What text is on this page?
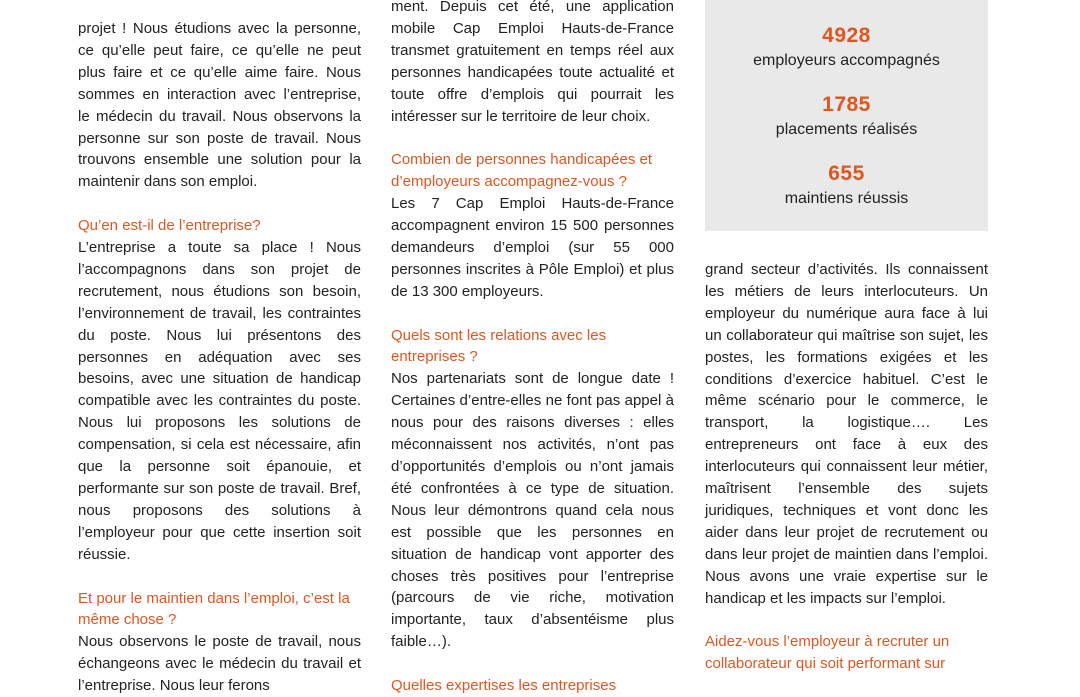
projet ! Nous étudions avec la personne, ce qu’elle peut faire, ce qu’elle ne peut plus faire et ce qu’elle aime faire. Nous sommes en interaction avec l’entreprise, le médecin du travail. Nous observons la personne sur son poste de travail. Nous trouvons ensemble une solution pour la maintenir dans son emploi.

Qu’en est-il de l’entreprise?

L’entreprise a toute sa place ! Nous l’accompagnons dans son projet de recrutement, nous étudions son besoin, l’environnement de travail, les contraintes du poste. Nous lui présentons des personnes en adéquation avec ses besoins, avec une situation de handicap compatible avec les contraintes du poste. Nous lui proposons les solutions de compensation, si cela est nécessaire, afin que la personne soit épanouie, et performante sur son poste de travail. Bref, nous proposons des solutions à l’employeur pour que cette insertion soit réussie.

Et pour le maintien dans l’emploi, c’est la même chose ?

Nous observons le poste de travail, nous échangeons avec le médecin du travail et l’entreprise. Nous leur ferons

ment. Depuis cet été, une application mobile Cap Emploi Hauts-de-France transmet gratuitement en temps réel aux personnes handicapées toute actualité et toute offre d’emplois qui pourrait les intéresser sur le territoire de leur choix.

Combien de personnes handicapées et d’employeurs accompagnez-vous ?

Les 7 Cap Emploi Hauts-de-France accompagnent environ 15 500 personnes demandeurs d’emploi (sur 55 000 personnes inscrites à Pôle Emploi) et plus de 13 300 employeurs.

Quels sont les relations avec les entreprises ?

Nos partenariats sont de longue date ! Certaines d’entre-elles ne font pas appel à nous pour des raisons diverses : elles méconnaissent nos activités, n’ont pas d’opportunités d’emplois ou n’ont jamais été confrontées à ce type de situation. Nous leur démontrons quand cela nous est possible que les personnes en situation de handicap vont apporter des choses très positives pour l’entreprise (parcours de vie riche, motivation importante, taux d’absentéisme plus faible…).

Quelles expertises les entreprises
4928
employeurs accompagnés
1785
placements réalisés
655
maintiens réussis

grand secteur d’activités. Ils connaissent les métiers de leurs interlocuteurs. Un employeur du numérique aura face à lui un collaborateur qui maîtrise son sujet, les postes, les formations exigées et les conditions d’exercice habituel. C’est le même scénario pour le commerce, le transport, la logistique…. Les entrepreneurs ont face à eux des interlocuteurs qui connaissent leur métier, maîtrisent l’ensemble des sujets juridiques, techniques et vont donc les aider dans leur projet de recrutement ou dans leur projet de maintien dans l’emploi. Nous avons une vraie expertise sur le handicap et les impacts sur l’emploi.

Aidez-vous l’employeur à recruter un collaborateur qui soit performant sur
